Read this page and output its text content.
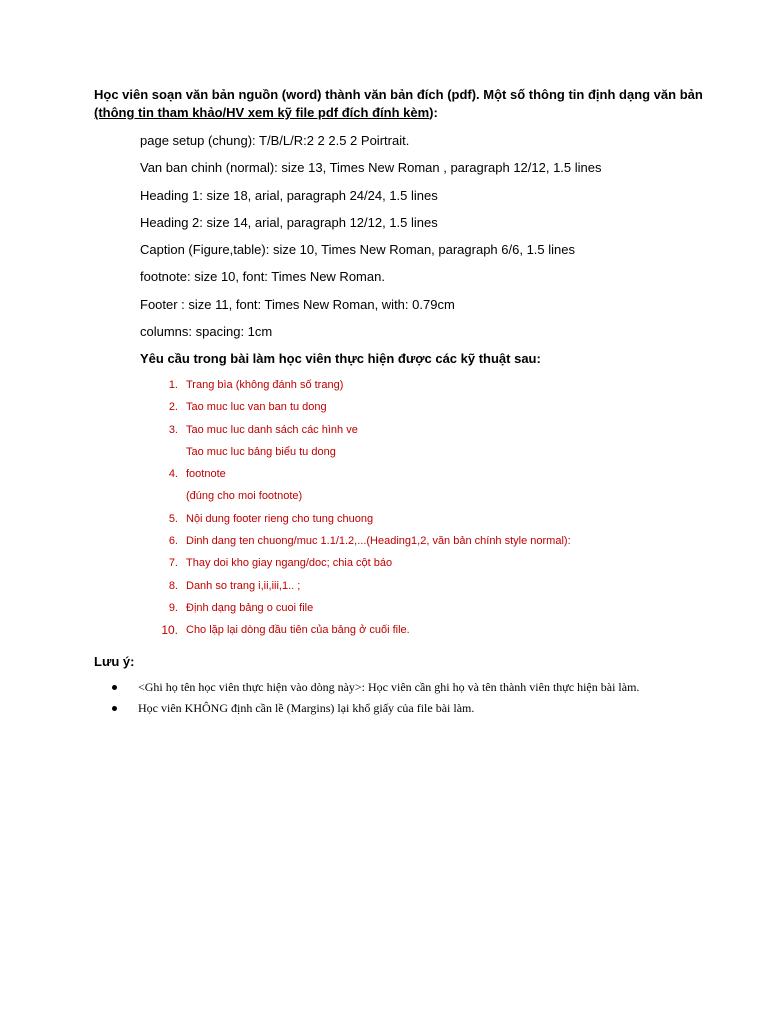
Học viên soạn văn bản nguồn (word) thành văn bản đích (pdf). Một số thông tin định dạng văn bản
(thông tin tham khảo/HV xem kỹ file pdf đích đính kèm):
page setup (chung): T/B/L/R:2 2 2.5 2 Poirtrait.
Van ban chinh (normal): size 13, Times New Roman , paragraph 12/12, 1.5 lines
Heading 1: size 18, arial, paragraph 24/24, 1.5 lines
Heading 2: size 14, arial, paragraph 12/12, 1.5 lines
Caption (Figure,table): size 10, Times New Roman, paragraph 6/6, 1.5 lines
footnote: size 10, font: Times New Roman.
Footer : size 11, font: Times New Roman, with: 0.79cm
columns: spacing: 1cm
Yêu cầu trong bài làm học viên thực hiện được các kỹ thuật sau:
1. Trang bìa (không đánh số trang)
2. Tao muc luc van ban tu dong
3. Tao muc luc danh sách các hình ve
Tao muc luc bảng biểu tu dong
4. footnote
(đúng cho moi footnote)
5. Nội dung footer rieng cho tung chuong
6. Dinh dang ten chuong/muc 1.1/1.2,...(Heading1,2, văn bản chính style normal):
7. Thay doi kho giay ngang/doc; chia cột báo
8. Danh so trang i,ii,iii,1.. ;
9. Định dạng bảng o cuoi file
10. Cho lặp lại dòng đầu tiên của bảng ở cuối file.
Lưu ý:
<Ghi họ tên học viên thực hiện vào dòng này>: Học viên cần ghi họ và tên thành viên thực hiện bài làm.
Học viên KHÔNG định cần lề (Margins) lại khổ giấy của file bài làm.
